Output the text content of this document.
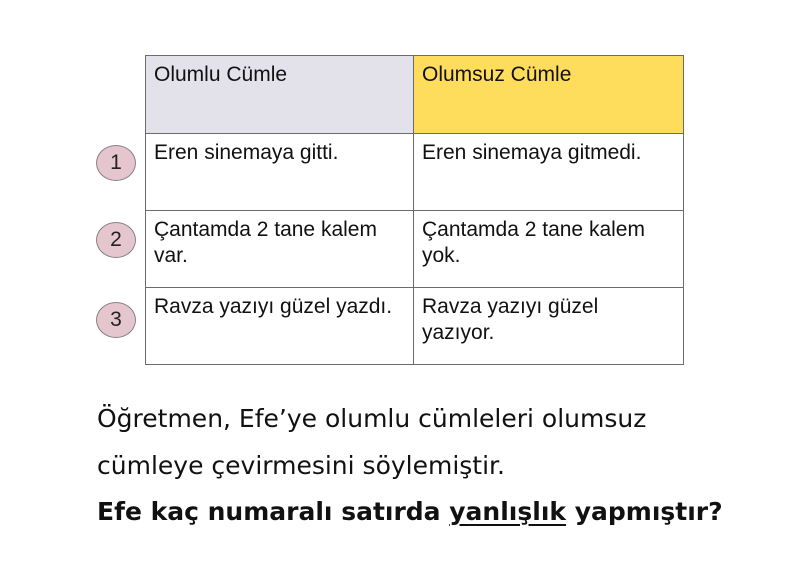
Olumlu Cümle	Olumsuz Cümle
Eren sinemaya gitti.	Eren sinemaya gitmedi.
Çantamda 2 tane kalem var.	Çantamda 2 tane kalem yok.
Ravza yazıyı güzel yazdı.	Ravza yazıyı güzel yazıyor.
1
2
3
Öğretmen, Efe’ye olumlu cümleleri olumsuz
cümleye çevirmesini söylemiştir.
Efe kaç numaralı satırda yanlışlık yapmıştır?
